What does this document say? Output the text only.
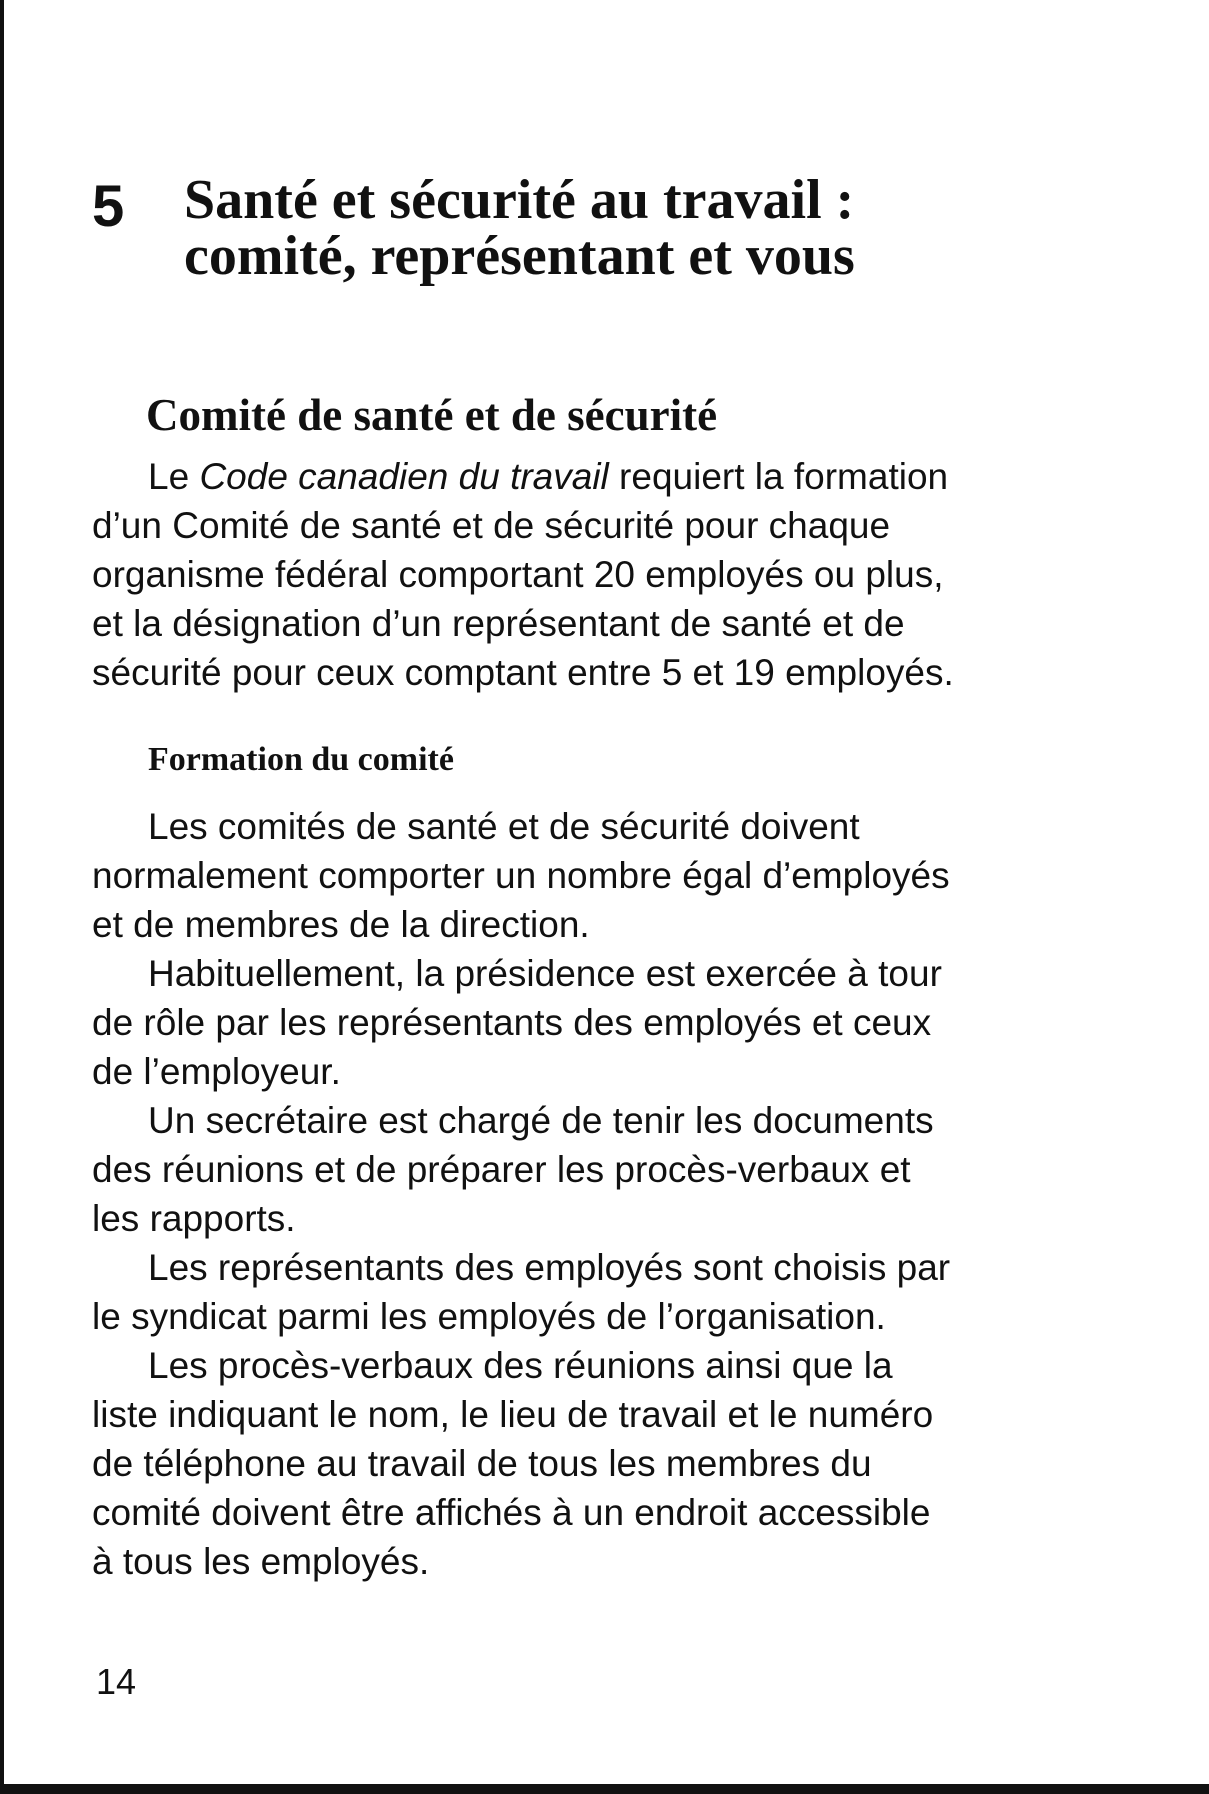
5 Santé et sécurité au travail :
comité, représentant et vous
Comité de santé et de sécurité
Le Code canadien du travail requiert la formation
d’un Comité de santé et de sécurité pour chaque
organisme fédéral comportant 20 employés ou plus,
et la désignation d’un représentant de santé et de
sécurité pour ceux comptant entre 5 et 19 employés.
Formation du comité
Les comités de santé et de sécurité doivent
normalement comporter un nombre égal d’employés
et de membres de la direction.
Habituellement, la présidence est exercée à tour
de rôle par les représentants des employés et ceux
de l’employeur.
Un secrétaire est chargé de tenir les documents
des réunions et de préparer les procès-verbaux et
les rapports.
Les représentants des employés sont choisis par
le syndicat parmi les employés de l’organisation.
Les procès-verbaux des réunions ainsi que la
liste indiquant le nom, le lieu de travail et le numéro
de téléphone au travail de tous les membres du
comité doivent être affichés à un endroit accessible
à tous les employés.
14
